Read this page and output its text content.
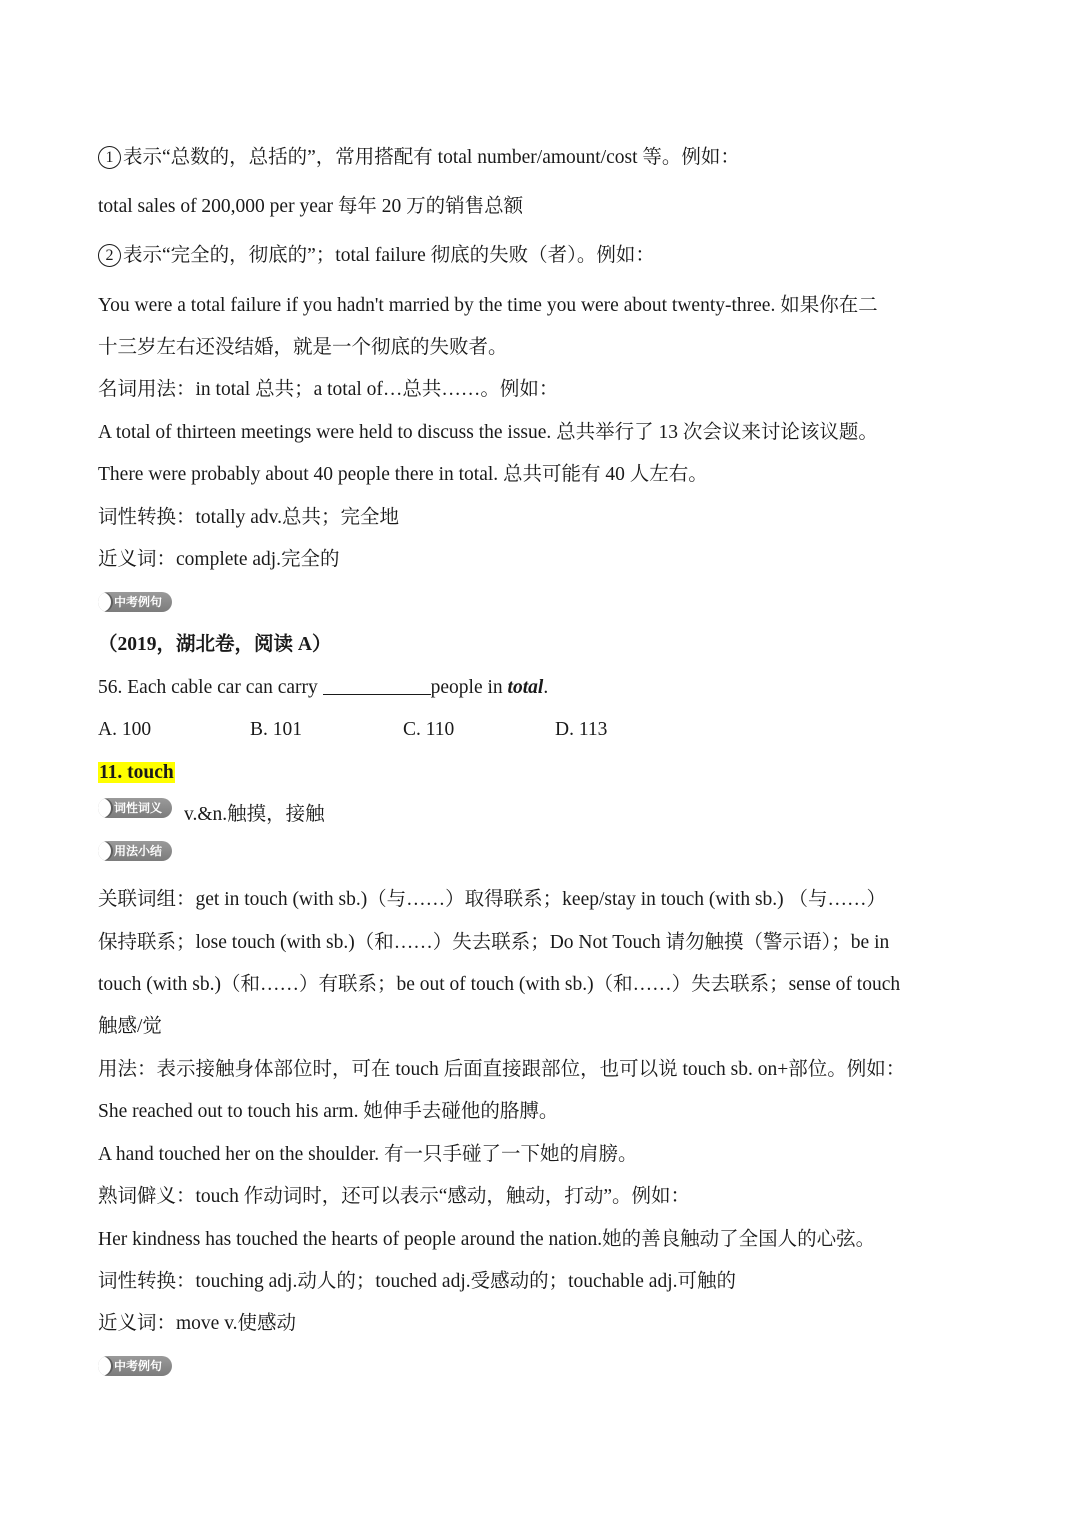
1 表示“总数的，总括的”，常用搭配有 total number/amount/cost 等。例如：
total sales of 200,000 per year 每年 20 万的销售总额
2 表示“完全的，彻底的”；total failure 彻底的失败（者）。例如：
You were a total failure if you hadn't married by the time you were about twenty-three. 如果你在二
十三岁左右还没结婚，就是一个彻底的失败者。
名词用法：in total 总共；a total of…总共……。例如：
A total of thirteen meetings were held to discuss the issue. 总共举行了 13 次会议来讨论该议题。
There were probably about 40 people there in total. 总共可能有 40 人左右。
词性转换：totally adv.总共；完全地
近义词：complete adj.完全的
中考例句
（2019，湖北卷，阅读 A）
56. Each cable car can carry	people in total.
A. 100	B. 101	C. 110	D. 113
11. touch
词性词义	v.&n.触摸，接触
用法小结
关联词组：get in touch (with sb.)（与……）取得联系；keep/stay in touch (with sb.) （与……）
保持联系；lose touch (with sb.)（和……）失去联系；Do Not Touch 请勿触摸（警示语）；be in
touch (with sb.)（和……）有联系；be out of touch (with sb.)（和……）失去联系；sense of touch
触感/觉
用法：表示接触身体部位时，可在 touch 后面直接跟部位，也可以说 touch sb. on+部位。例如：
She reached out to touch his arm. 她伸手去碰他的胳膊。
A hand touched her on the shoulder. 有一只手碰了一下她的肩膀。
熟词僻义：touch 作动词时，还可以表示“感动，触动，打动”。例如：
Her kindness has touched the hearts of people around the nation.她的善良触动了全国人的心弦。
词性转换：touching adj.动人的；touched adj.受感动的；touchable adj.可触的
近义词：move v.使感动
中考例句
